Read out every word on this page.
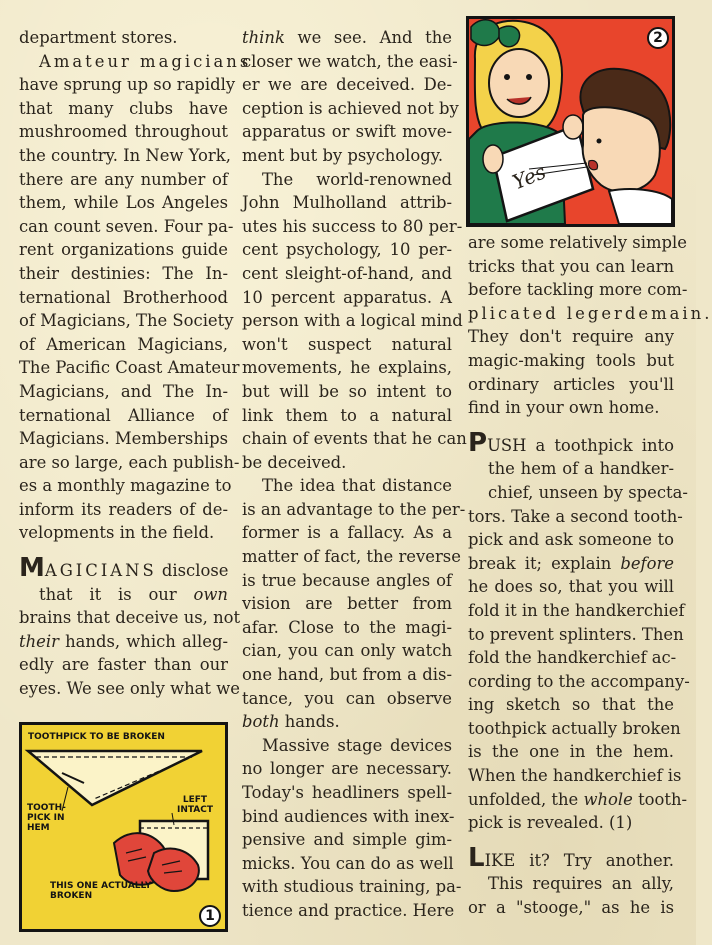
department stores.
Amateur magicians
have sprung up so rapidly
that many clubs have
mushroomed throughout
the country. In New York,
there are any number of
them, while Los Angeles
can count seven. Four pa-
rent organizations guide
their destinies: The In-
ternational Brotherhood
of Magicians, The Society
of American Magicians,
The Pacific Coast Amateur
Magicians, and The In-
ternational Alliance of
Magicians. Memberships
are so large, each publish-
es a monthly magazine to
inform its readers of de-
velopments in the field.

MAGICIANS disclose
that it is our own
brains that deceive us, not
their hands, which alleg-
edly are faster than our
eyes. We see only what we

TOOTHPICK TO BE BROKEN
TOOTH-PICK IN HEM
LEFT INTACT
THIS ONE ACTUALLY BROKEN
1

think we see. And the
closer we watch, the easi-
er we are deceived. De-
ception is achieved not by
apparatus or swift move-
ment but by psychology.

The world-renowned
John Mulholland attrib-
utes his success to 80 per-
cent psychology, 10 per-
cent sleight-of-hand, and
10 percent apparatus. A
person with a logical mind
won't suspect natural
movements, he explains,
but will be so intent to
link them to a natural
chain of events that he can
be deceived.

The idea that distance
is an advantage to the per-
former is a fallacy. As a
matter of fact, the reverse
is true because angles of
vision are better from
afar. Close to the magi-
cian, you can only watch
one hand, but from a dis-
tance, you can observe
both hands.

Massive stage devices
no longer are necessary.
Today's headliners spell-
bind audiences with inex-
pensive and simple gim-
micks. You can do as well
with studious training, pa-
tience and practice. Here

Yes
2

are some relatively simple
tricks that you can learn
before tackling more com-
plicated legerdemain.
They don't require any
magic-making tools but
ordinary articles you'll
find in your own home.

PUSH a toothpick into
the hem of a handker-
chief, unseen by specta-
tors. Take a second tooth-
pick and ask someone to
break it; explain before
he does so, that you will
fold it in the handkerchief
to prevent splinters. Then
fold the handkerchief ac-
cording to the accompany-
ing sketch so that the
toothpick actually broken
is the one in the hem.
When the handkerchief is
unfolded, the whole tooth-
pick is revealed. (1)

LIKE it? Try another.
This requires an ally,
or a "stooge," as he is
